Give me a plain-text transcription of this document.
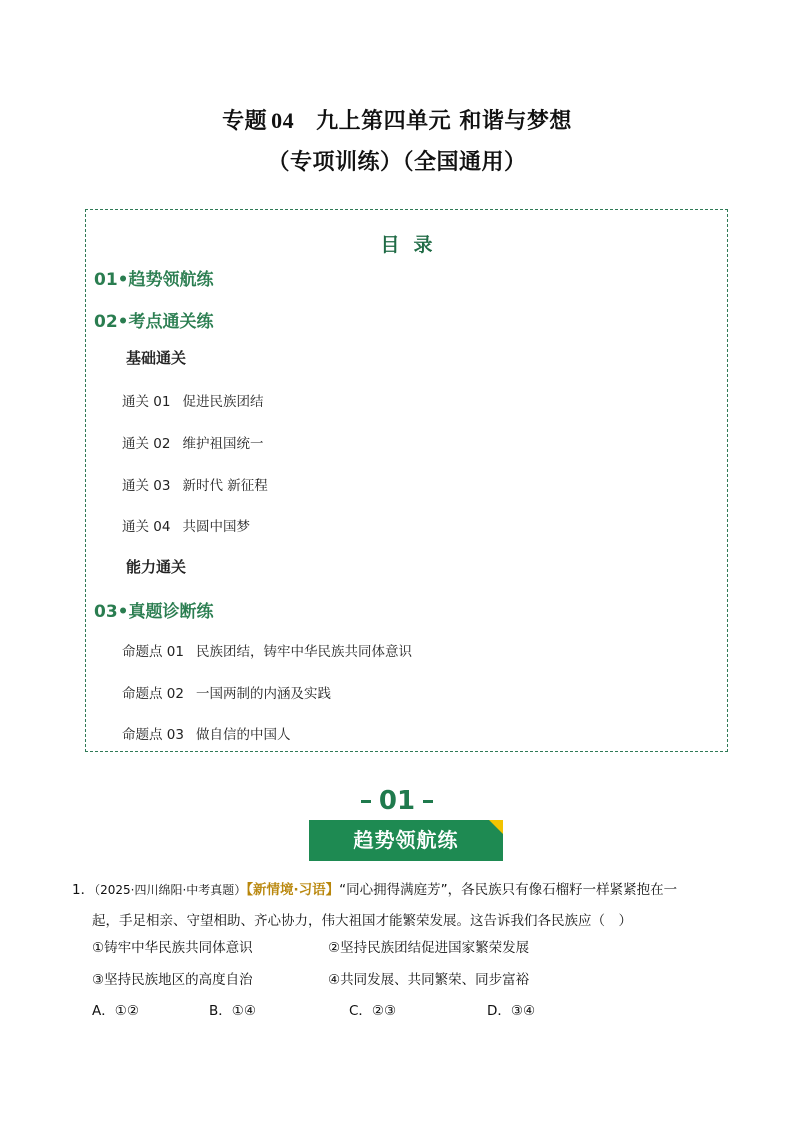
专题 04 九上第四单元 和谐与梦想
（专项训练）（全国通用）
目录
01•趋势领航练
02•考点通关练
基础通关
通关 01 促进民族团结
通关 02 维护祖国统一
通关 03 新时代 新征程
通关 04 共圆中国梦
能力通关
03•真题诊断练
命题点 01 民族团结，铸牢中华民族共同体意识
命题点 02 一国两制的内涵及实践
命题点 03 做自信的中国人
01
趋势领航练
1．（2025·四川绵阳·中考真题）【新情境·习语】“同心拥得满庭芳”，各民族只有像石榴籽一样紧紧抱在一
起，手足相亲、守望相助、齐心协力，伟大祖国才能繁荣发展。这告诉我们各民族应（　）
①铸牢中华民族共同体意识	②坚持民族团结促进国家繁荣发展
③坚持民族地区的高度自治	④共同发展、共同繁荣、同步富裕
A．①②	B．①④	C．②③	D．③④
